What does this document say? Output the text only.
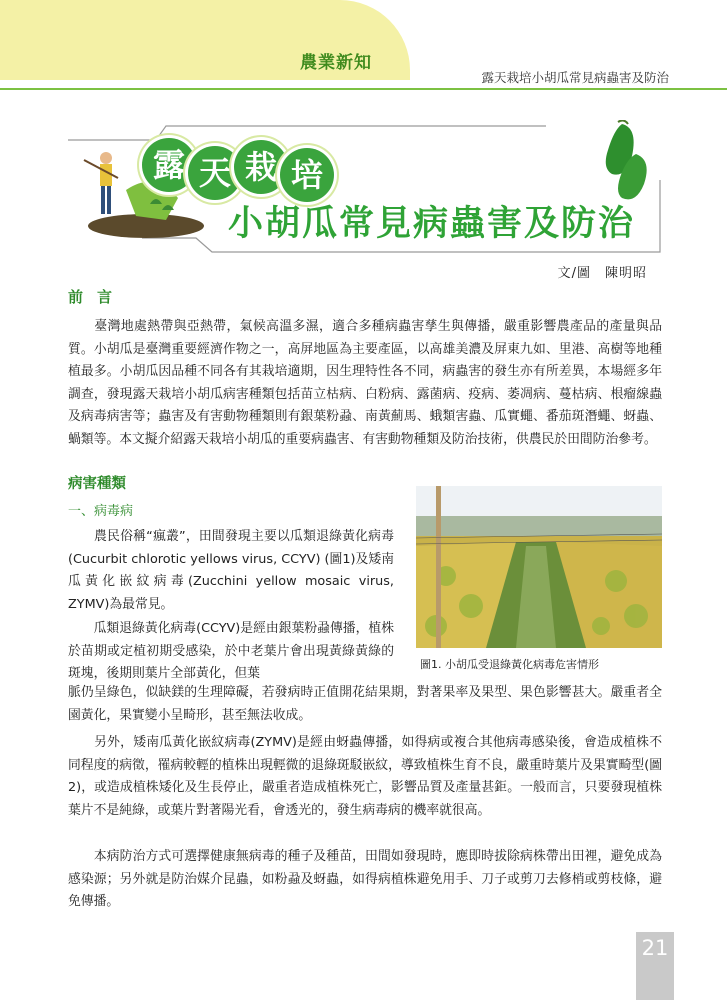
農業新知
露天栽培小胡瓜常見病蟲害及防治
露 天 栽 培
小胡瓜常見病蟲害及防治
文/圖　陳明昭
前言
　　臺灣地處熱帶與亞熱帶，氣候高溫多濕，適合多種病蟲害孳生與傳播，嚴重影響農產品的產量與品質。小胡瓜是臺灣重要經濟作物之一，高屏地區為主要產區，以高雄美濃及屏東九如、里港、高樹等地種植最多。小胡瓜因品種不同各有其栽培適期，因生理特性各不同，病蟲害的發生亦有所差異，本場經多年調查，發現露天栽培小胡瓜病害種類包括苗立枯病、白粉病、露菌病、疫病、萎凋病、蔓枯病、根瘤線蟲及病毒病害等；蟲害及有害動物種類則有銀葉粉蝨、南黃薊馬、蛾類害蟲、瓜實蠅、番茄斑潛蠅、蚜蟲、蝸類等。本文擬介紹露天栽培小胡瓜的重要病蟲害、有害動物種類及防治技術，供農民於田間防治參考。
病害種類
一、病毒病
　　農民俗稱“瘋叢”，田間發現主要以瓜類退綠黃化病毒(Cucurbit chlorotic yellows virus, CCYV) (圖1)及矮南瓜黃化嵌紋病毒(Zucchini yellow mosaic virus, ZYMV)為最常見。
　　瓜類退綠黃化病毒(CCYV)是經由銀葉粉蝨傳播，植株於苗期或定植初期受感染，於中老葉片會出現黃綠黃綠的斑塊，後期則葉片全部黃化，但葉
圖1. 小胡瓜受退綠黃化病毒危害情形
脈仍呈綠色，似缺鎂的生理障礙，若發病時正值開花結果期，對著果率及果型、果色影響甚大。嚴重者全園黃化，果實變小呈畸形，甚至無法收成。
　　另外，矮南瓜黃化嵌紋病毒(ZYMV)是經由蚜蟲傳播，如得病或複合其他病毒感染後，會造成植株不同程度的病徵，罹病較輕的植株出現輕微的退綠斑駁嵌紋，導致植株生育不良，嚴重時葉片及果實畸型(圖2)，或造成植株矮化及生長停止，嚴重者造成植株死亡，影響品質及產量甚鉅。一般而言，只要發現植株葉片不是純綠，或葉片對著陽光看，會透光的，發生病毒病的機率就很高。
　　本病防治方式可選擇健康無病毒的種子及種苗，田間如發現時，應即時拔除病株帶出田裡，避免成為感染源；另外就是防治媒介昆蟲，如粉蝨及蚜蟲，如得病植株避免用手、刀子或剪刀去修梢或剪枝條，避免傳播。
21
